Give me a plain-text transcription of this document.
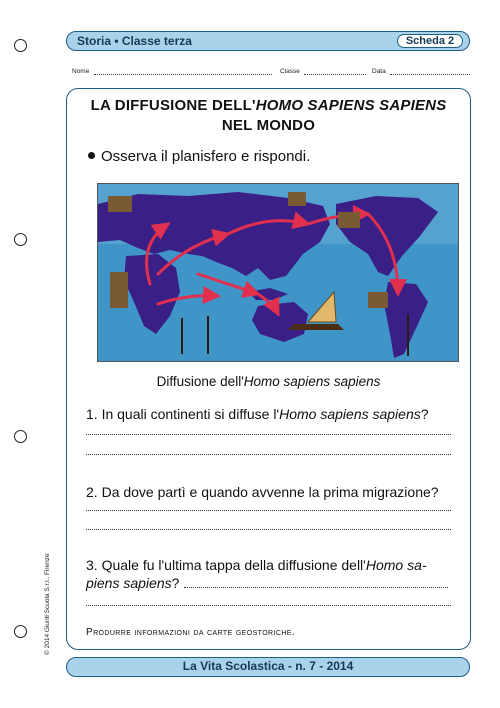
Storia • Classe terza	Scheda 2
Nome	Classe	Data
LA DIFFUSIONE DELL'HOMO SAPIENS SAPIENS
NEL MONDO
Osserva il planisfero e rispondi.
Diffusione dell'Homo sapiens sapiens
1. In quali continenti si diffuse l'Homo sapiens sapiens?
2. Da dove partì e quando avvenne la prima migrazione?
3. Quale fu l'ultima tappa della diffusione dell'Homo sa-
piens sapiens?
Produrre informazioni da carte geostoriche.
© 2014 Giunti Scuola S.r.l., Firenze
La Vita Scolastica - n. 7 - 2014
